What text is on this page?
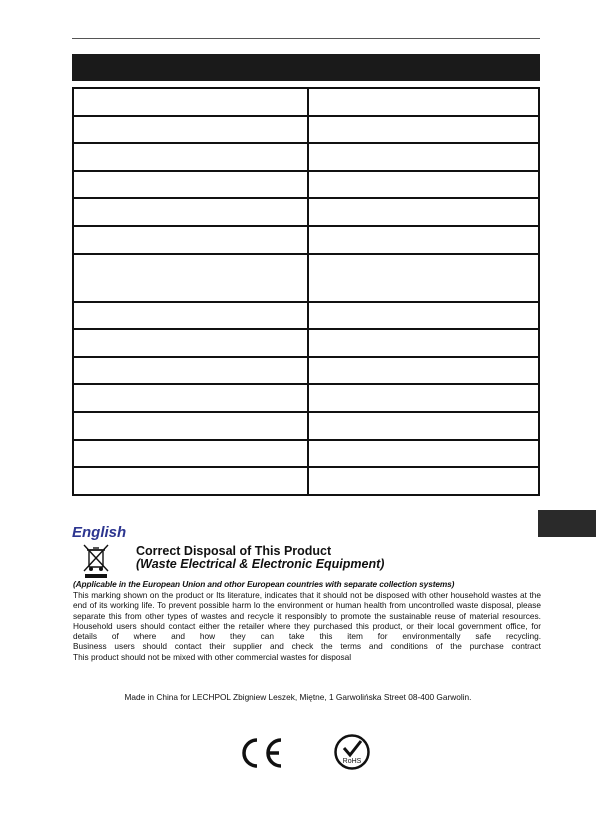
English
Correct Disposal of This Product
(Waste Electrical & Electronic Equipment)

(Applicable in the European Union and othor European countries with separate collection systems)

This marking shown on the product or Its literature, indicates that it should not be disposed with other household wastes at the end of its working life. To prevent possible harm lo the environment or human health from uncontrolled waste disposal, please separate this from other types of wastes and recycle it responsibly to promote the sustainable reuse of material resources.

Household users should contact either the retailer where they purchased this product, or their local government office, for details of where and how they can take this item for environmentally safe recycling.

Business users should contact their supplier and check the terms and conditions of the purchase contract

This product should not be mixed with other commercial wastes for disposal

Made in China for LECHPOL Zbigniew Leszek, Miętne, 1 Garwolińska Street 08-400 Garwolin.

RoHS
